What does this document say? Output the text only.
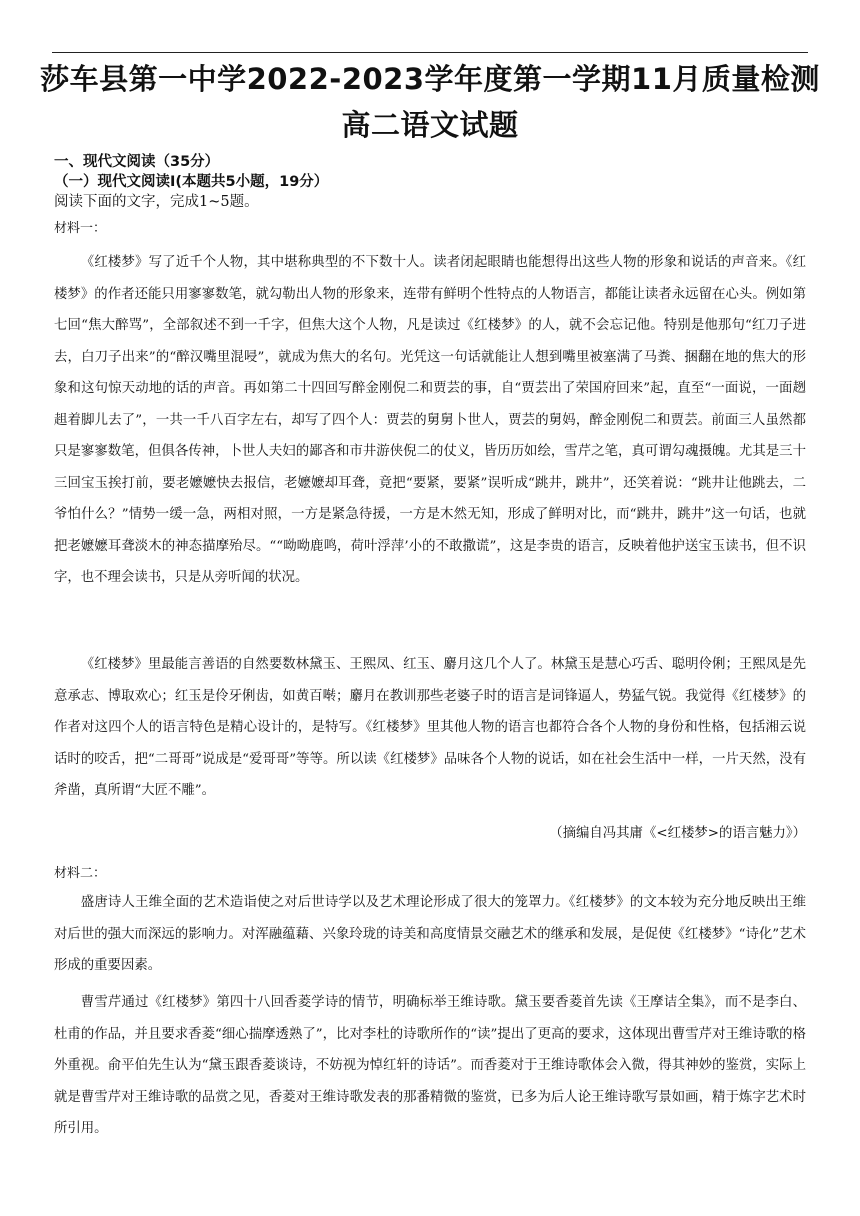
莎车县第一中学2022-2023学年度第一学期11月质量检测
高二语文试题
一、现代文阅读（35分）
（一）现代文阅读Ⅰ(本题共5小题，19分）
阅读下面的文字，完成1~5题。
材料一：

《红楼梦》写了近千个人物，其中堪称典型的不下数十人。读者闭起眼睛也能想得出这些人物的形象和说话的声音来。《红楼梦》的作者还能只用寥寥数笔，就勾勒出人物的形象来，连带有鲜明个性特点的人物语言，都能让读者永远留在心头。例如第七回“焦大醉骂”，全部叙述不到一千字，但焦大这个人物，凡是读过《红楼梦》的人，就不会忘记他。特别是他那句“红刀子进去，白刀子出来”的“醉汉嘴里混唚”，就成为焦大的名句。光凭这一句话就能让人想到嘴里被塞满了马粪、捆翻在地的焦大的形象和这句惊天动地的话的声音。再如第二十四回写醉金刚倪二和贾芸的事，自“贾芸出了荣国府回来”起，直至“一面说，一面趔趄着脚儿去了”，一共一千八百字左右，却写了四个人：贾芸的舅舅卜世人，贾芸的舅妈，醉金刚倪二和贾芸。前面三人虽然都只是寥寥数笔，但俱各传神，卜世人夫妇的鄙吝和市井游侠倪二的仗义，皆历历如绘，雪芹之笔，真可谓勾魂摄魄。尤其是三十三回宝玉挨打前，要老嬷嬷快去报信，老嬷嬷却耳聋，竟把“要紧，要紧”误听成“跳井，跳井”，还笑着说：“跳井让他跳去，二爷怕什么？”情势一缓一急，两相对照，一方是紧急待援，一方是木然无知，形成了鲜明对比，而“跳井，跳井”这一句话，也就把老嬷嬷耳聋淡木的神态描摩殆尽。““呦呦鹿鸣，荷叶浮萍’小的不敢撒谎”，这是李贵的语言，反映着他护送宝玉读书，但不识字，也不理会读书，只是从旁听闻的状况。

《红楼梦》里最能言善语的自然要数林黛玉、王熙凤、红玉、麝月这几个人了。林黛玉是慧心巧舌、聪明伶俐；王熙凤是先意承志、博取欢心；红玉是伶牙俐齿，如黄百啭；麝月在教训那些老婆子时的语言是词锋逼人，势猛气锐。我觉得《红楼梦》的作者对这四个人的语言特色是精心设计的，是特写。《红楼梦》里其他人物的语言也都符合各个人物的身份和性格，包括湘云说话时的咬舌，把“二哥哥”说成是“爱哥哥”等等。所以读《红楼梦》品味各个人物的说话，如在社会生活中一样，一片天然，没有斧凿，真所谓“大匠不雕”。

（摘编自冯其庸《<红楼梦>的语言魅力》）
材料二：

盛唐诗人王维全面的艺术造诣使之对后世诗学以及艺术理论形成了很大的笼罩力。《红楼梦》的文本较为充分地反映出王维对后世的强大而深远的影响力。对浑融蕴藉、兴象玲珑的诗美和高度情景交融艺术的继承和发展，是促使《红楼梦》“诗化”艺术形成的重要因素。

曹雪芹通过《红楼梦》第四十八回香菱学诗的情节，明确标举王维诗歌。黛玉要香菱首先读《王摩诘全集》，而不是李白、杜甫的作品，并且要求香菱“细心揣摩透熟了”，比对李杜的诗歌所作的“读”提出了更高的要求，这体现出曹雪芹对王维诗歌的格外重视。俞平伯先生认为“黛玉跟香菱谈诗，不妨视为悼红轩的诗话”。而香菱对于王维诗歌体会入微，得其神妙的鉴赏，实际上就是曹雪芹对王维诗歌的品赏之见，香菱对王维诗歌发表的那番精微的鉴赏，已多为后人论王维诗歌写景如画，精于炼字艺术时所引用。
